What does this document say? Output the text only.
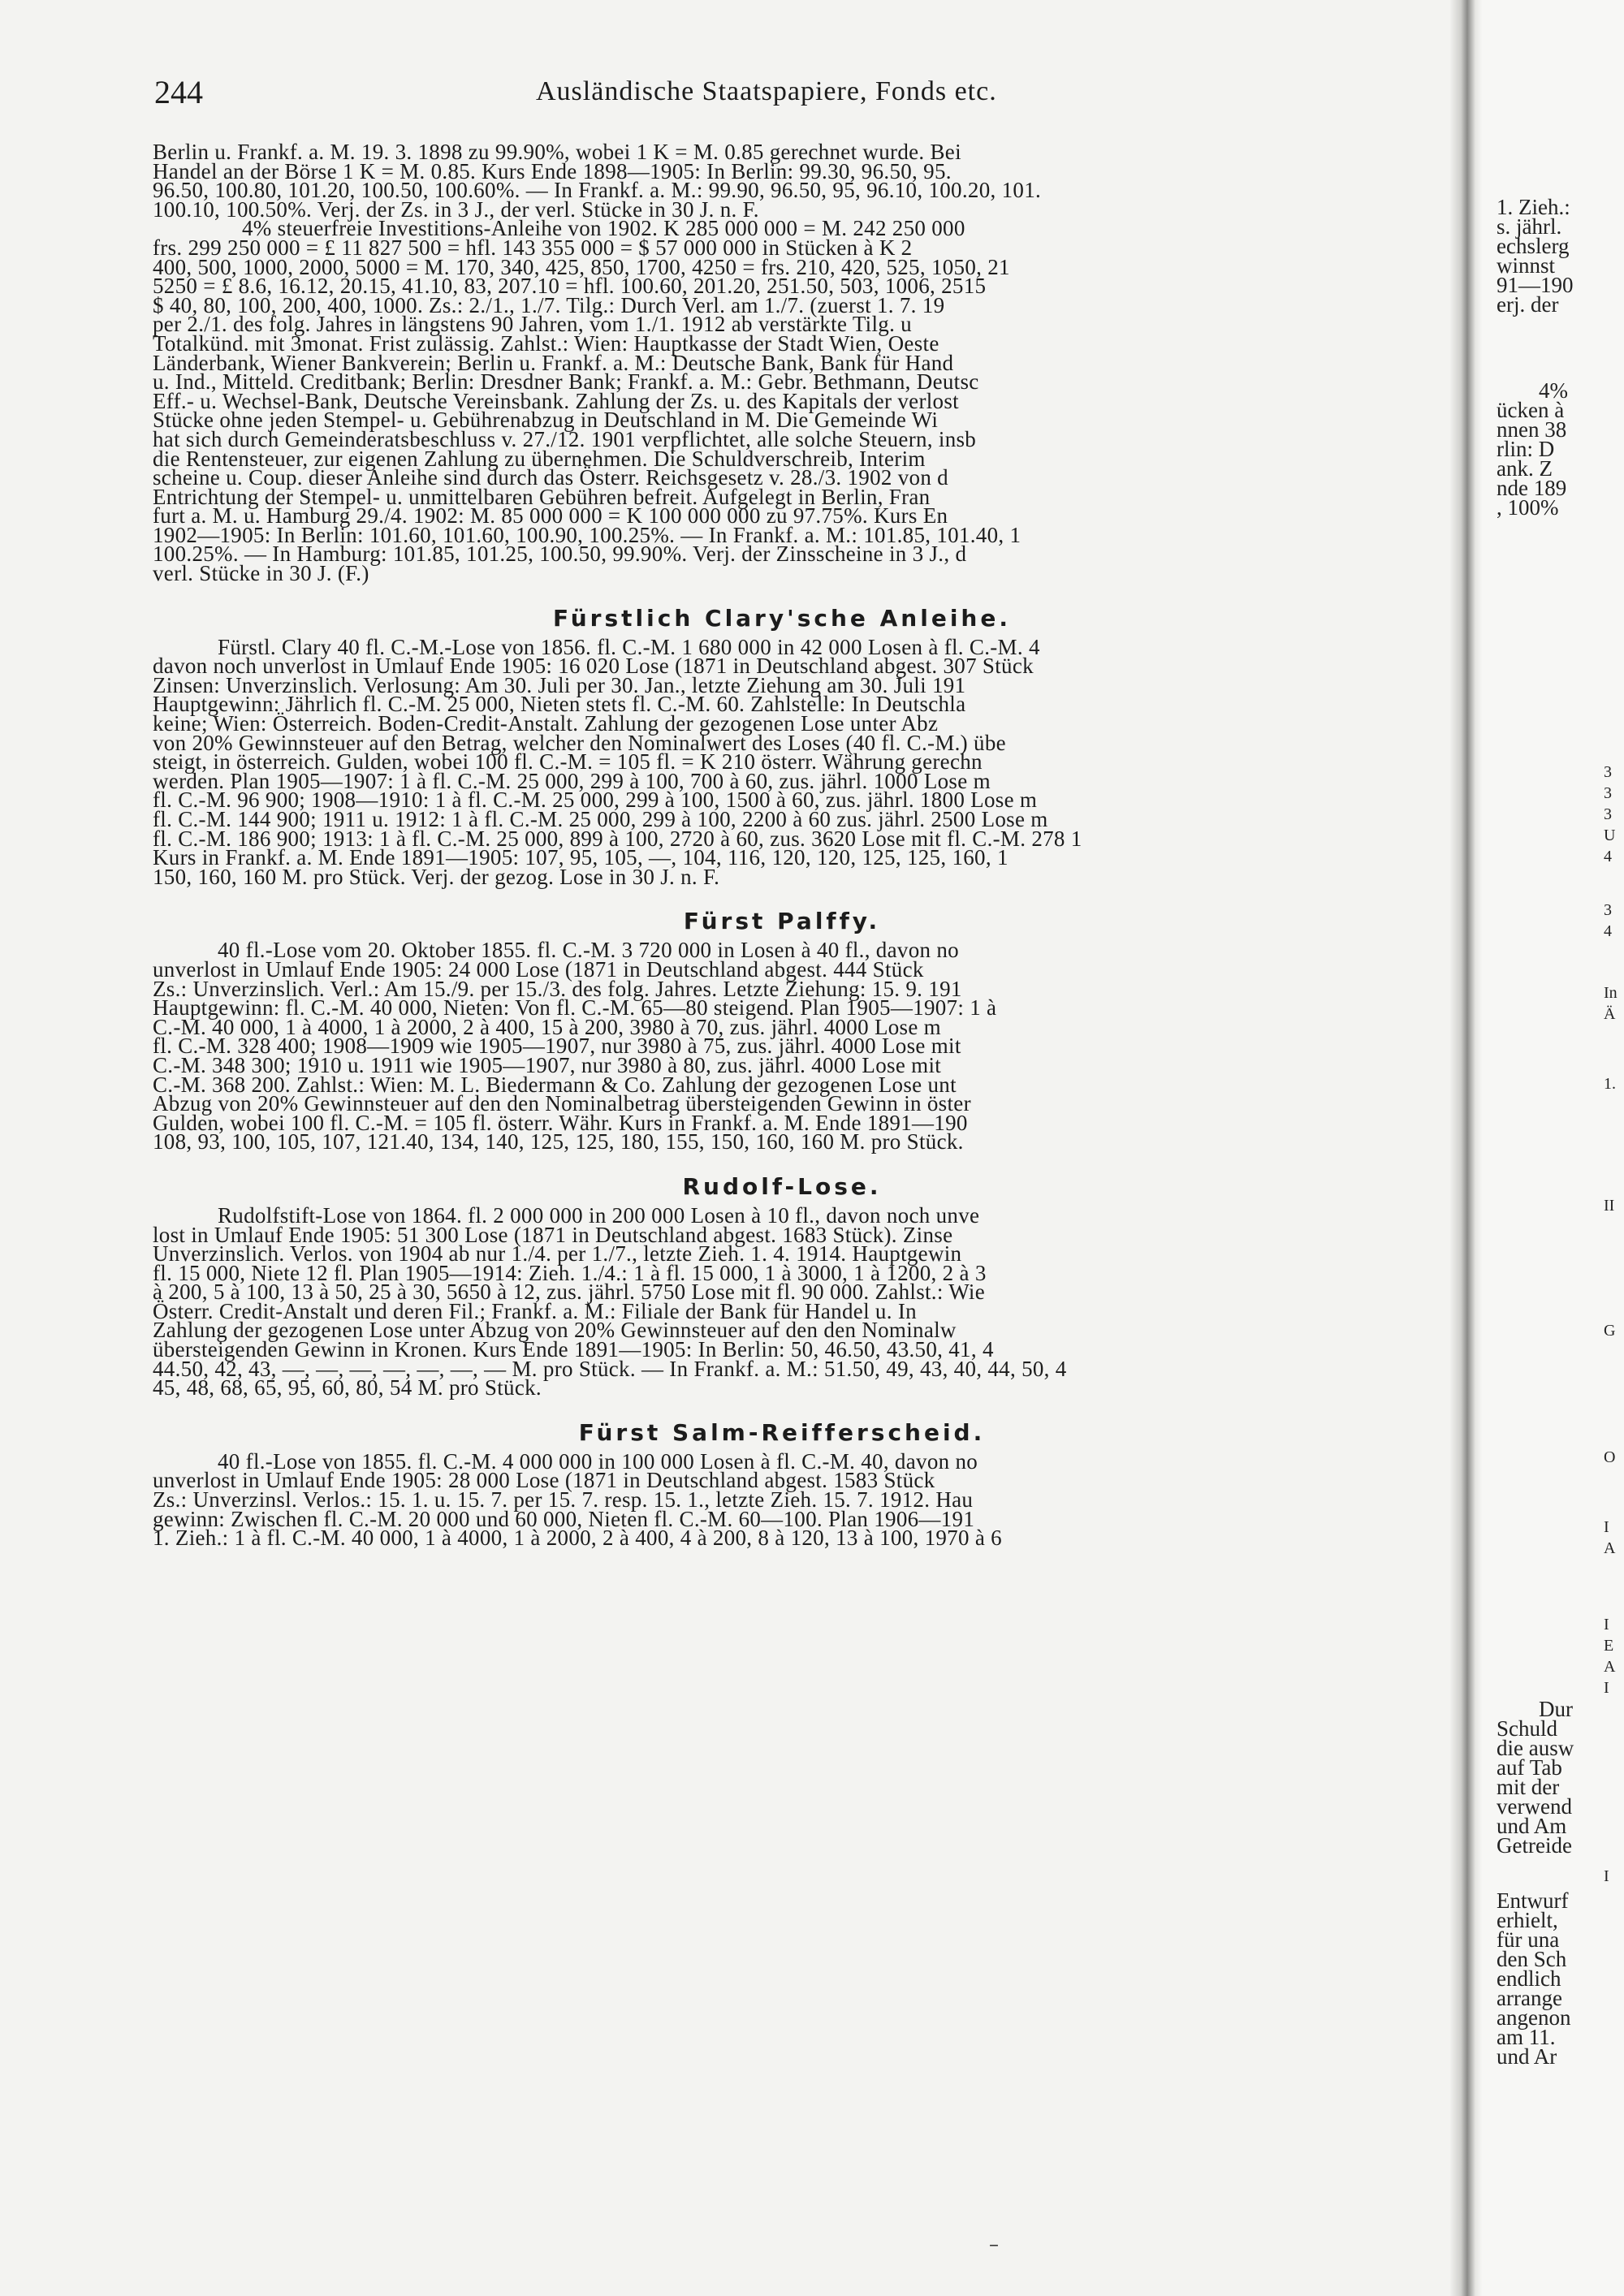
244	Ausländische Staatspapiere, Fonds etc.

Berlin u. Frankf. a. M. 19. 3. 1898 zu 99.90%, wobei 1 K = M. 0.85 gerechnet wurde. Bei
Handel an der Börse 1 K = M. 0.85. Kurs Ende 1898—1905: In Berlin: 99.30, 96.50, 95.
96.50, 100.80, 101.20, 100.50, 100.60%. — In Frankf. a. M.: 99.90, 96.50, 95, 96.10, 100.20, 101.
100.10, 100.50%. Verj. der Zs. in 3 J., der verl. Stücke in 30 J. n. F.

4% steuerfreie Investitions-Anleihe von 1902. K 285 000 000 = M. 242 250 000
frs. 299 250 000 = £ 11 827 500 = hfl. 143 355 000 = $ 57 000 000 in Stücken à K 2
400, 500, 1000, 2000, 5000 = M. 170, 340, 425, 850, 1700, 4250 = frs. 210, 420, 525, 1050, 21
5250 = £ 8.6, 16.12, 20.15, 41.10, 83, 207.10 = hfl. 100.60, 201.20, 251.50, 503, 1006, 2515
$ 40, 80, 100, 200, 400, 1000. Zs.: 2./1., 1./7. Tilg.: Durch Verl. am 1./7. (zuerst 1. 7. 19
per 2./1. des folg. Jahres in längstens 90 Jahren, vom 1./1. 1912 ab verstärkte Tilg. u
Totalkünd. mit 3monat. Frist zulässig. Zahlst.: Wien: Hauptkasse der Stadt Wien, Oeste
Länderbank, Wiener Bankverein; Berlin u. Frankf. a. M.: Deutsche Bank, Bank für Hand
u. Ind., Mitteld. Creditbank; Berlin: Dresdner Bank; Frankf. a. M.: Gebr. Bethmann, Deutsc
Eff.- u. Wechsel-Bank, Deutsche Vereinsbank. Zahlung der Zs. u. des Kapitals der verlost
Stücke ohne jeden Stempel- u. Gebührenabzug in Deutschland in M. Die Gemeinde Wi
hat sich durch Gemeinderatsbeschluss v. 27./12. 1901 verpflichtet, alle solche Steuern, insb
die Rentensteuer, zur eigenen Zahlung zu übernehmen. Die Schuldverschreib, Interim
scheine u. Coup. dieser Anleihe sind durch das Österr. Reichsgesetz v. 28./3. 1902 von d
Entrichtung der Stempel- u. unmittelbaren Gebühren befreit. Aufgelegt in Berlin, Fran
furt a. M. u. Hamburg 29./4. 1902: M. 85 000 000 = K 100 000 000 zu 97.75%. Kurs En
1902—1905: In Berlin: 101.60, 101.60, 100.90, 100.25%. — In Frankf. a. M.: 101.85, 101.40, 1
100.25%. — In Hamburg: 101.85, 101.25, 100.50, 99.90%. Verj. der Zinsscheine in 3 J., d
verl. Stücke in 30 J. (F.)

Fürstlich Clary'sche Anleihe.

Fürstl. Clary 40 fl. C.-M.-Lose von 1856. fl. C.-M. 1 680 000 in 42 000 Losen à fl. C.-M. 4
davon noch unverlost in Umlauf Ende 1905: 16 020 Lose (1871 in Deutschland abgest. 307 Stück
Zinsen: Unverzinslich. Verlosung: Am 30. Juli per 30. Jan., letzte Ziehung am 30. Juli 191
Hauptgewinn: Jährlich fl. C.-M. 25 000, Nieten stets fl. C.-M. 60. Zahlstelle: In Deutschla
keine; Wien: Österreich. Boden-Credit-Anstalt. Zahlung der gezogenen Lose unter Abz
von 20% Gewinnsteuer auf den Betrag, welcher den Nominalwert des Loses (40 fl. C.-M.) übe
steigt, in österreich. Gulden, wobei 100 fl. C.-M. = 105 fl. = K 210 österr. Währung gerechn
werden. Plan 1905—1907: 1 à fl. C.-M. 25 000, 299 à 100, 700 à 60, zus. jährl. 1000 Lose m
fl. C.-M. 96 900; 1908—1910: 1 à fl. C.-M. 25 000, 299 à 100, 1500 à 60, zus. jährl. 1800 Lose m
fl. C.-M. 144 900; 1911 u. 1912: 1 à fl. C.-M. 25 000, 299 à 100, 2200 à 60 zus. jährl. 2500 Lose m
fl. C.-M. 186 900; 1913: 1 à fl. C.-M. 25 000, 899 à 100, 2720 à 60, zus. 3620 Lose mit fl. C.-M. 278 1
Kurs in Frankf. a. M. Ende 1891—1905: 107, 95, 105, —, 104, 116, 120, 120, 125, 125, 160, 1
150, 160, 160 M. pro Stück. Verj. der gezog. Lose in 30 J. n. F.

Fürst Palffy.

40 fl.-Lose vom 20. Oktober 1855. fl. C.-M. 3 720 000 in Losen à 40 fl., davon no
unverlost in Umlauf Ende 1905: 24 000 Lose (1871 in Deutschland abgest. 444 Stück
Zs.: Unverzinslich. Verl.: Am 15./9. per 15./3. des folg. Jahres. Letzte Ziehung: 15. 9. 191
Hauptgewinn: fl. C.-M. 40 000, Nieten: Von fl. C.-M. 65—80 steigend. Plan 1905—1907: 1 à
C.-M. 40 000, 1 à 4000, 1 à 2000, 2 à 400, 15 à 200, 3980 à 70, zus. jährl. 4000 Lose m
fl. C.-M. 328 400; 1908—1909 wie 1905—1907, nur 3980 à 75, zus. jährl. 4000 Lose mit
C.-M. 348 300; 1910 u. 1911 wie 1905—1907, nur 3980 à 80, zus. jährl. 4000 Lose mit
C.-M. 368 200. Zahlst.: Wien: M. L. Biedermann & Co. Zahlung der gezogenen Lose unt
Abzug von 20% Gewinnsteuer auf den den Nominalbetrag übersteigenden Gewinn in öster
Gulden, wobei 100 fl. C.-M. = 105 fl. österr. Währ. Kurs in Frankf. a. M. Ende 1891—190
108, 93, 100, 105, 107, 121.40, 134, 140, 125, 125, 180, 155, 150, 160, 160 M. pro Stück.

Rudolf-Lose.

Rudolfstift-Lose von 1864. fl. 2 000 000 in 200 000 Losen à 10 fl., davon noch unve
lost in Umlauf Ende 1905: 51 300 Lose (1871 in Deutschland abgest. 1683 Stück). Zinse
Unverzinslich. Verlos. von 1904 ab nur 1./4. per 1./7., letzte Zieh. 1. 4. 1914. Hauptgewin
fl. 15 000, Niete 12 fl. Plan 1905—1914: Zieh. 1./4.: 1 à fl. 15 000, 1 à 3000, 1 à 1200, 2 à 3
à 200, 5 à 100, 13 à 50, 25 à 30, 5650 à 12, zus. jährl. 5750 Lose mit fl. 90 000. Zahlst.: Wie
Österr. Credit-Anstalt und deren Fil.; Frankf. a. M.: Filiale der Bank für Handel u. In
Zahlung der gezogenen Lose unter Abzug von 20% Gewinnsteuer auf den den Nominalw
übersteigenden Gewinn in Kronen. Kurs Ende 1891—1905: In Berlin: 50, 46.50, 43.50, 41, 4
44.50, 42, 43, —, —, —, —, —, —, — M. pro Stück. — In Frankf. a. M.: 51.50, 49, 43, 40, 44, 50, 4
45, 48, 68, 65, 95, 60, 80, 54 M. pro Stück.

Fürst Salm-Reifferscheid.

40 fl.-Lose von 1855. fl. C.-M. 4 000 000 in 100 000 Losen à fl. C.-M. 40, davon no
unverlost in Umlauf Ende 1905: 28 000 Lose (1871 in Deutschland abgest. 1583 Stück
Zs.: Unverzinsl. Verlos.: 15. 1. u. 15. 7. per 15. 7. resp. 15. 1., letzte Zieh. 15. 7. 1912. Hau
gewinn: Zwischen fl. C.-M. 20 000 und 60 000, Nieten fl. C.-M. 60—100. Plan 1906—191
1. Zieh.: 1 à fl. C.-M. 40 000, 1 à 4000, 1 à 2000, 2 à 400, 4 à 200, 8 à 120, 13 à 100, 1970 à 6

–
1. Zieh.:
s. jährl.
echslerg
winnst
91—190
erj. der
4%
ücken à
nnen 38
rlin: D
ank. Z
nde 189
, 100%
3
3
3
U
4
3
4
In
Ä
1.
II
G
O
I
A
I
E
A
I
Dur
Schuld
die ausw
auf Tab
mit der
verwend
und Am
Getreide
I
Entwurf
erhielt,
für una
den Sch
endlich
arrange
angenon
am 11.
und Ar
